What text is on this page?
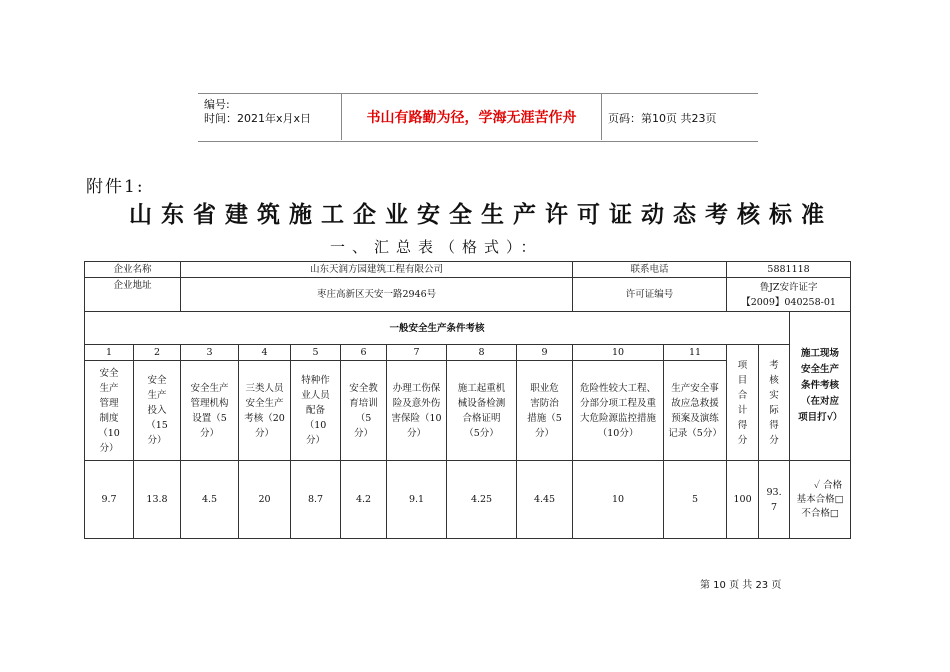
编号:
时间：2021年x月x日	书山有路勤为径，学海无涯苦作舟	页码：第10页 共23页
附件1:
山东省建筑施工企业安全生产许可证动态考核标准
一、汇总表（格式）：
企业名称		山东天润方园建筑工程有限公司							联系电话		5881118		
企业地址		枣庄高新区天安一路2946号							许可证编号		鲁JZ安许证字
【2009】040258-01		

一般安全生产条件考核													施工现场安全生产条件考核（在对应项目打√）
1	2	3	4	5	6	7	8	9	10	11	项目合计得分	考核实际得分	
安全生产管理制度（10分）	安全生产投入（15分）	安全生产管理机构设置（5分）	三类人员安全生产考核（20分）	特种作业人员配备（10分）	安全教育培训（5分）	办理工伤保险及意外伤害保险（10分）	施工起重机械设备检测合格证明（5分）	职业危害防治措施（5分）	危险性较大工程、分部分项工程及重大危险源监控措施（10分）	生产安全事故应急救援预案及演练记录（5分）			
9.7	13.8	4.5	20	8.7	4.2	9.1	4.25	4.45	10	5	100	93.7	✓ 合格
基本合格□
不合格□
第 10 页 共 23 页
